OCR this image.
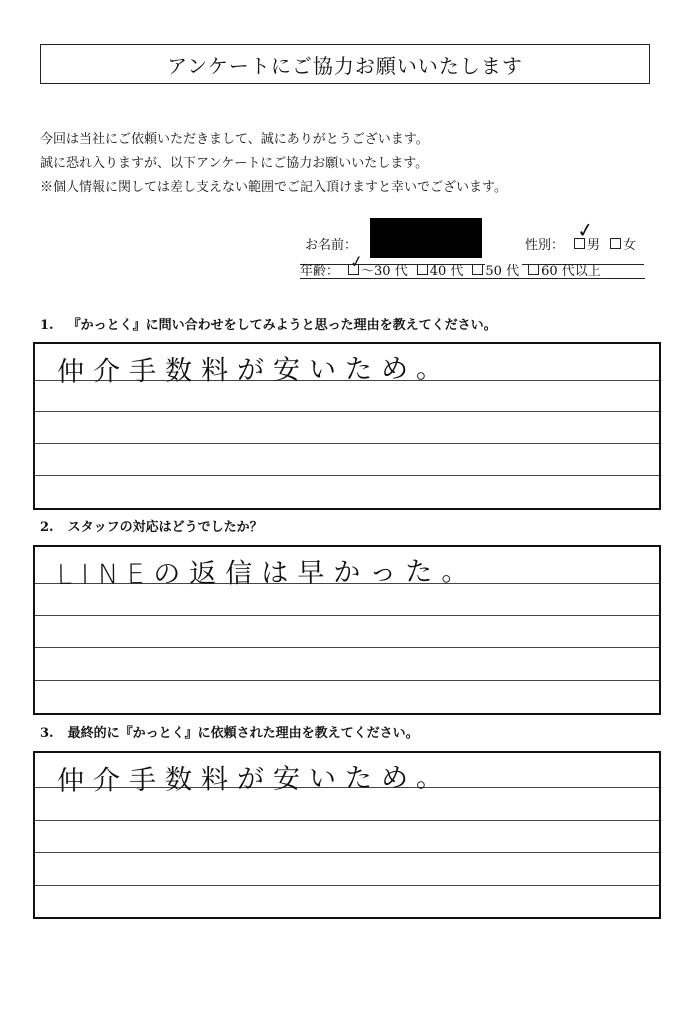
アンケートにご協力お願いいたします

今回は当社にご依頼いただきまして、誠にありがとうございます。

誠に恐れ入りますが、以下アンケートにご協力お願いいたします。

※個人情報に関しては差し支えない範囲でご記入頂けますと幸いでございます。

お名前：	性別：
✓
男 女
年齢： ✓
～30 代 40 代 50 代 60 代以上
1. 『かっとく』に問い合わせをしてみようと思った理由を教えてください。
仲介手数料が安いため。
2. スタッフの対応はどうでしたか？
LINEの返信は早かった。
3. 最終的に『かっとく』に依頼された理由を教えてください。
仲介手数料が安いため。
